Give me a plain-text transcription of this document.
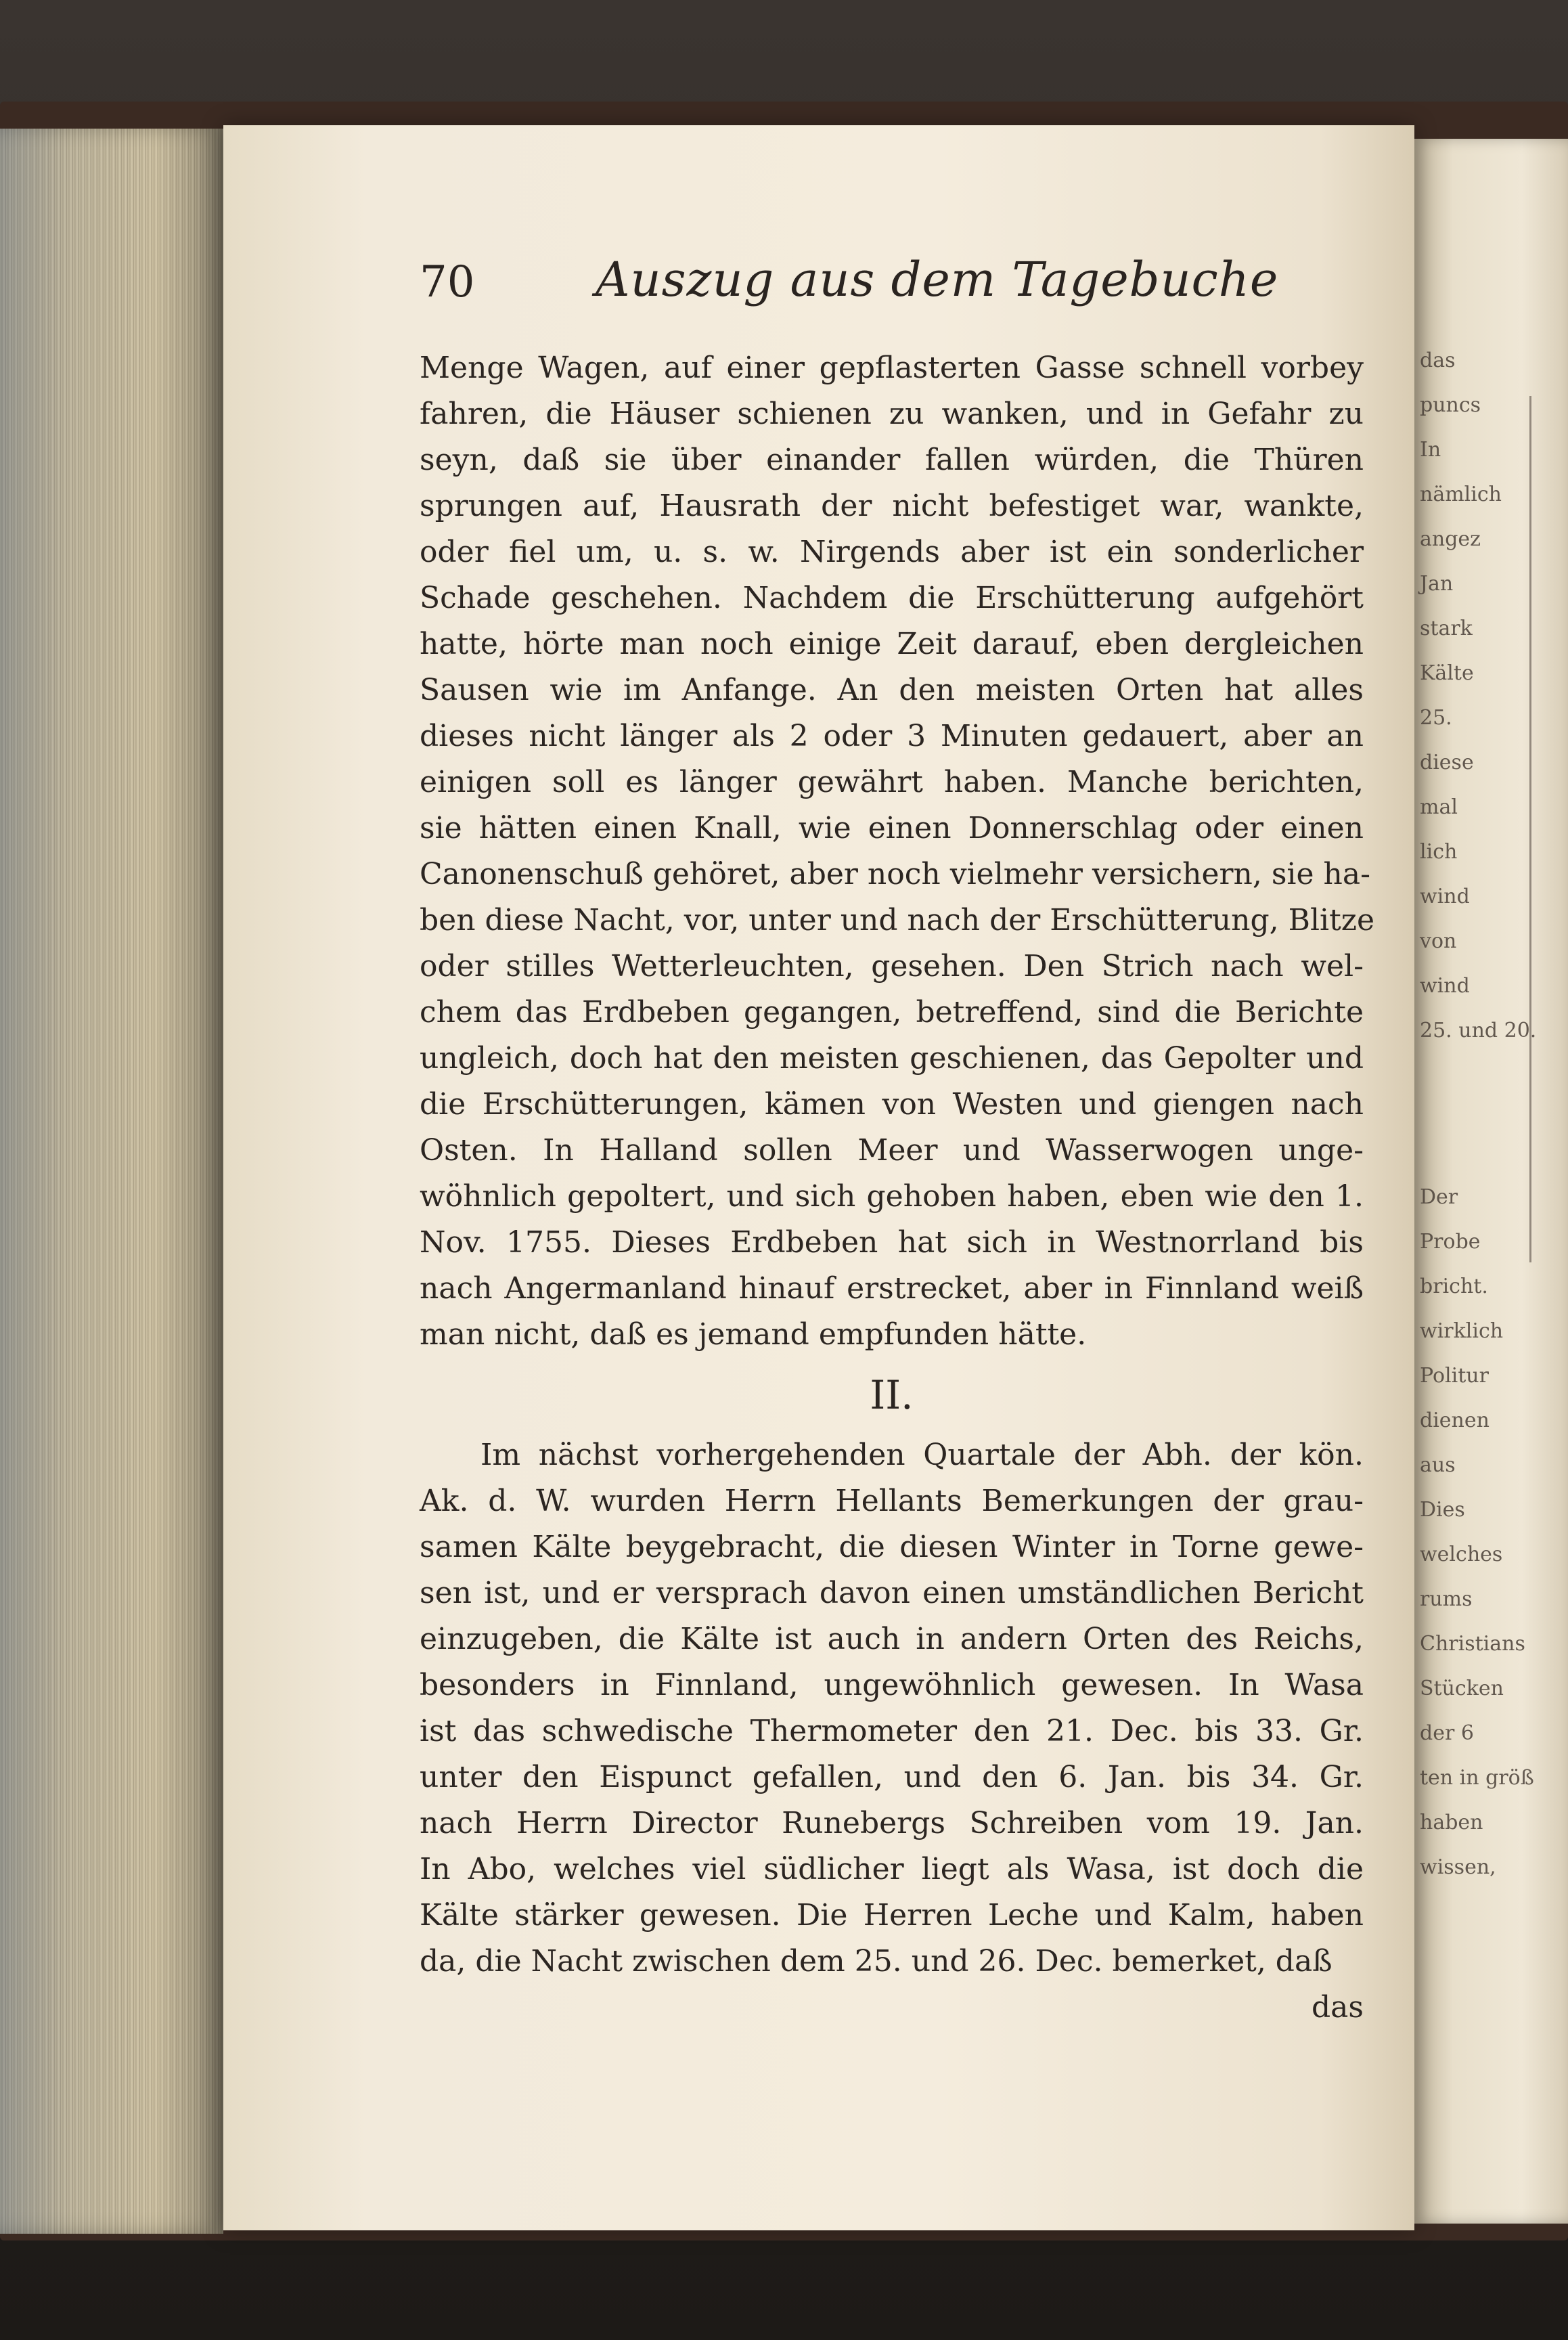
das
puncs
In
nämlich
angez
Jan
stark
Kälte
25.
diese
mal
lich
wind
von
wind
25. und 20.
Der
Probe
bricht.
wirklich
Politur
dienen
aus
Dies
welches
rums
Christians
Stücken
der 6
ten in größ
haben
wissen,
70	Auszug aus dem Tagebuche
Menge Wagen, auf einer gepflasterten Gasse schnell vorbey
fahren, die Häuser schienen zu wanken, und in Gefahr zu
seyn, daß sie über einander fallen würden, die Thüren
sprungen auf, Hausrath der nicht befestiget war, wankte,
oder fiel um, u. s. w. Nirgends aber ist ein sonderlicher
Schade geschehen. Nachdem die Erschütterung aufgehört
hatte, hörte man noch einige Zeit darauf, eben dergleichen
Sausen wie im Anfange. An den meisten Orten hat alles
dieses nicht länger als 2 oder 3 Minuten gedauert, aber an
einigen soll es länger gewährt haben. Manche berichten,
sie hätten einen Knall, wie einen Donnerschlag oder einen
Canonenschuß gehöret, aber noch vielmehr versichern, sie ha-
ben diese Nacht, vor, unter und nach der Erschütterung, Blitze
oder stilles Wetterleuchten, gesehen. Den Strich nach wel-
chem das Erdbeben gegangen, betreffend, sind die Berichte
ungleich, doch hat den meisten geschienen, das Gepolter und
die Erschütterungen, kämen von Westen und giengen nach
Osten. In Halland sollen Meer und Wasserwogen unge-
wöhnlich gepoltert, und sich gehoben haben, eben wie den 1.
Nov. 1755. Dieses Erdbeben hat sich in Westnorrland bis
nach Angermanland hinauf erstrecket, aber in Finnland weiß
man nicht, daß es jemand empfunden hätte.
II.
Im nächst vorhergehenden Quartale der Abh. der kön.
Ak. d. W. wurden Herrn Hellants Bemerkungen der grau-
samen Kälte beygebracht, die diesen Winter in Torne gewe-
sen ist, und er versprach davon einen umständlichen Bericht
einzugeben, die Kälte ist auch in andern Orten des Reichs,
besonders in Finnland, ungewöhnlich gewesen. In Wasa
ist das schwedische Thermometer den 21. Dec. bis 33. Gr.
unter den Eispunct gefallen, und den 6. Jan. bis 34. Gr.
nach Herrn Director Runebergs Schreiben vom 19. Jan.
In Abo, welches viel südlicher liegt als Wasa, ist doch die
Kälte stärker gewesen. Die Herren Leche und Kalm, haben
da, die Nacht zwischen dem 25. und 26. Dec. bemerket, daß
das
